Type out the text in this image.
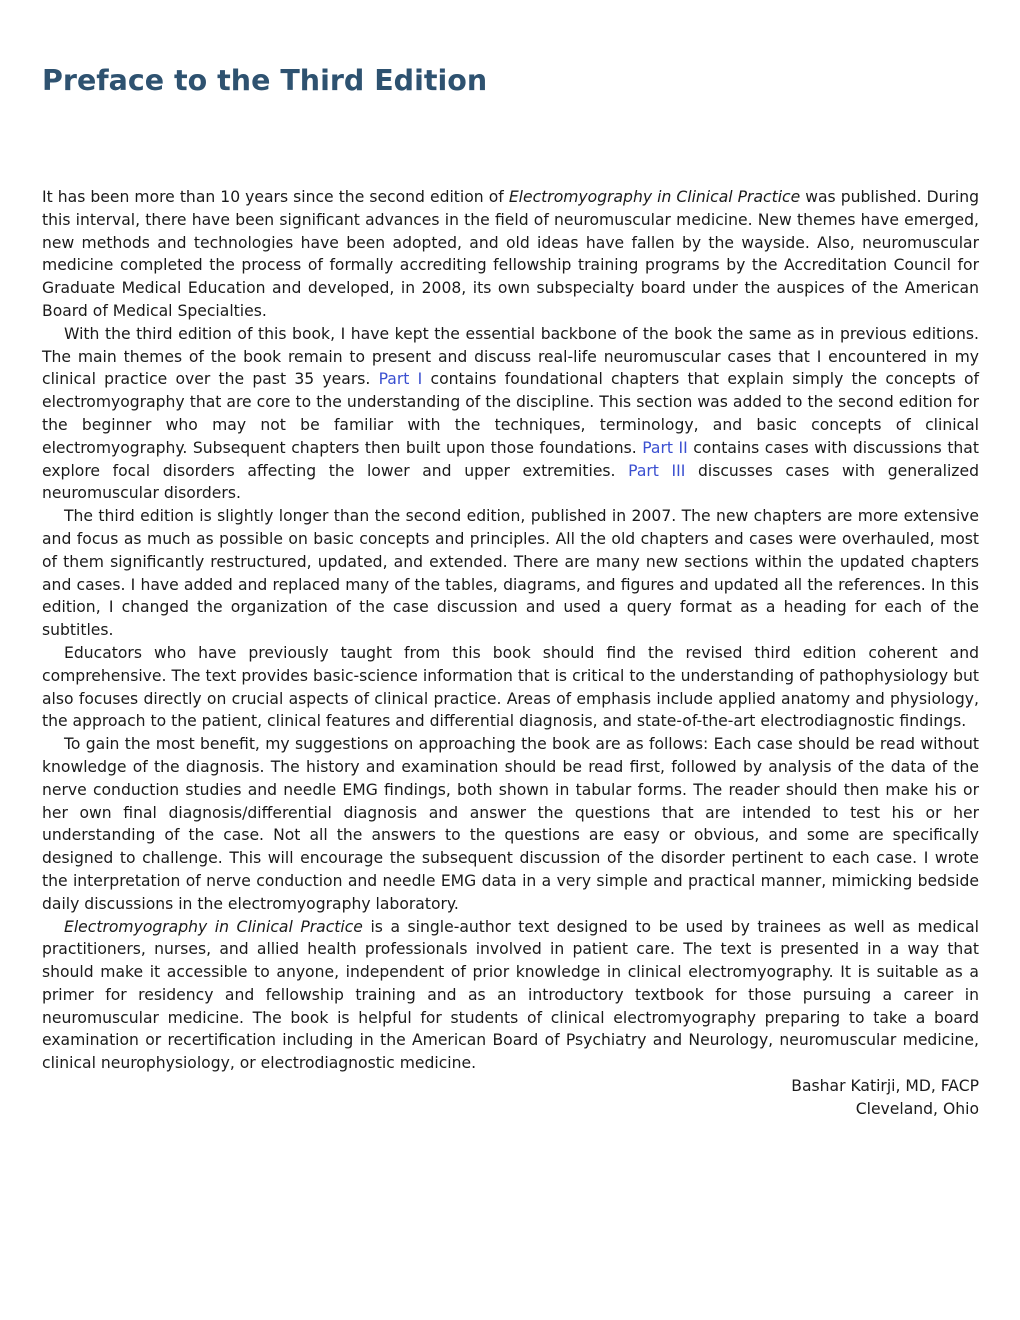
Preface to the Third Edition

It has been more than 10 years since the second edition of Electromyography in Clinical Practice was published. During this interval, there have been significant advances in the field of neuromuscular medicine. New themes have emerged, new methods and technologies have been adopted, and old ideas have fallen by the wayside. Also, neuromuscular medicine completed the process of formally accrediting fellowship training programs by the Accreditation Council for Graduate Medical Education and developed, in 2008, its own subspecialty board under the auspices of the American Board of Medical Specialties.

With the third edition of this book, I have kept the essential backbone of the book the same as in previous editions. The main themes of the book remain to present and discuss real-life neuromuscular cases that I encountered in my clinical practice over the past 35 years. Part I contains foundational chapters that explain simply the concepts of electromyography that are core to the understanding of the discipline. This section was added to the second edition for the beginner who may not be familiar with the techniques, terminology, and basic concepts of clinical electromyography. Subsequent chapters then built upon those foundations. Part II contains cases with discussions that explore focal disorders affecting the lower and upper extremities. Part III discusses cases with generalized neuromuscular disorders.

The third edition is slightly longer than the second edition, published in 2007. The new chapters are more extensive and focus as much as possible on basic concepts and principles. All the old chapters and cases were overhauled, most of them significantly restructured, updated, and extended. There are many new sections within the updated chapters and cases. I have added and replaced many of the tables, diagrams, and figures and updated all the references. In this edition, I changed the organization of the case discussion and used a query format as a heading for each of the subtitles.

Educators who have previously taught from this book should find the revised third edition coherent and comprehensive. The text provides basic-science information that is critical to the understanding of pathophysiology but also focuses directly on crucial aspects of clinical practice. Areas of emphasis include applied anatomy and physiology, the approach to the patient, clinical features and differential diagnosis, and state-of-the-art electrodiagnostic findings.

To gain the most benefit, my suggestions on approaching the book are as follows: Each case should be read without knowledge of the diagnosis. The history and examination should be read first, followed by analysis of the data of the nerve conduction studies and needle EMG findings, both shown in tabular forms. The reader should then make his or her own final diagnosis/differential diagnosis and answer the questions that are intended to test his or her understanding of the case. Not all the answers to the questions are easy or obvious, and some are specifically designed to challenge. This will encourage the subsequent discussion of the disorder pertinent to each case. I wrote the interpretation of nerve conduction and needle EMG data in a very simple and practical manner, mimicking bedside daily discussions in the electromyography laboratory.

Electromyography in Clinical Practice is a single-author text designed to be used by trainees as well as medical practitioners, nurses, and allied health professionals involved in patient care. The text is presented in a way that should make it accessible to anyone, independent of prior knowledge in clinical electromyography. It is suitable as a primer for residency and fellowship training and as an introductory textbook for those pursuing a career in neuromuscular medicine. The book is helpful for students of clinical electromyography preparing to take a board examination or recertification including in the American Board of Psychiatry and Neurology, neuromuscular medicine, clinical neurophysiology, or electrodiagnostic medicine.

Bashar Katirji, MD, FACP

Cleveland, Ohio
